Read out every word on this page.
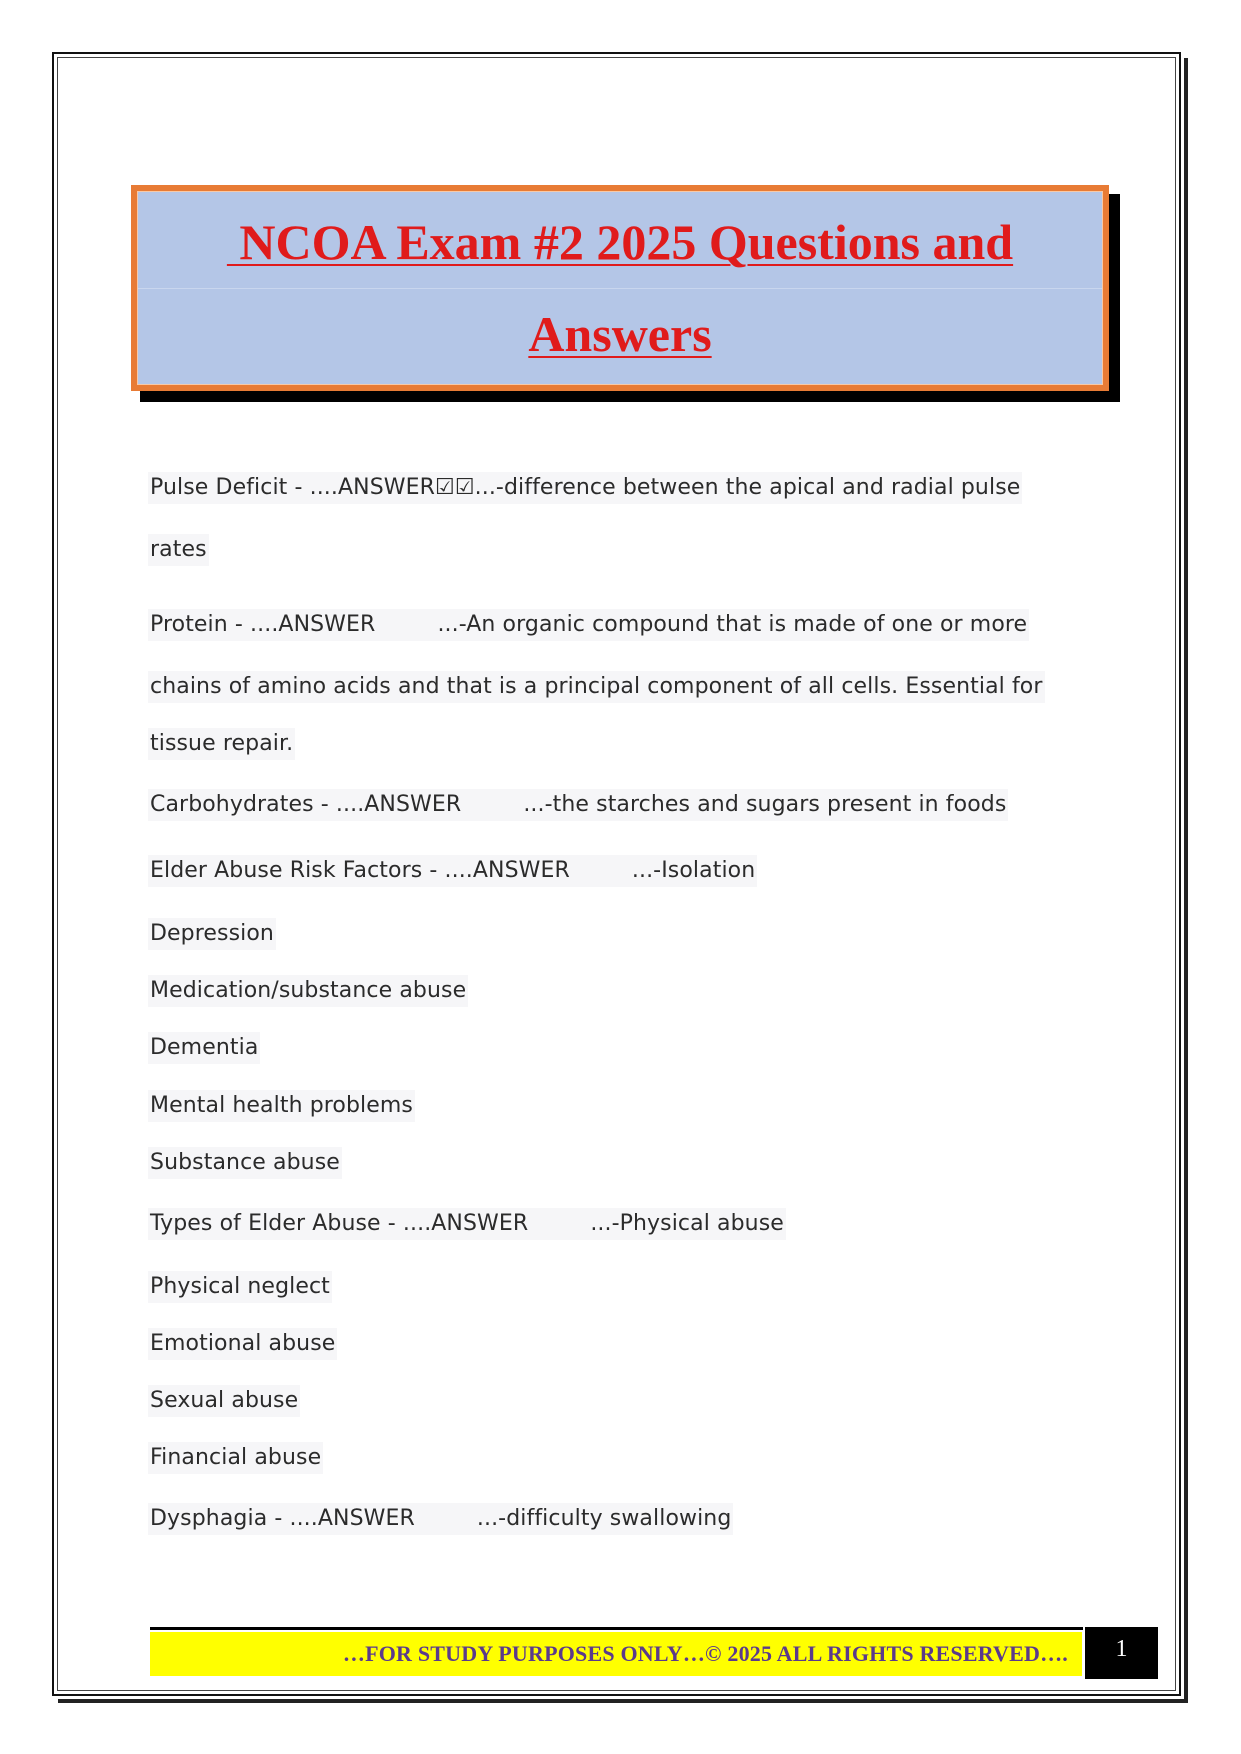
NCOA Exam #2 2025 Questions and
Answers

Pulse Deficit - ....ANSWER☑☑...-difference between the apical and radial pulse

rates

Protein - ....ANSWER	...-An organic compound that is made of one or more

chains of amino acids and that is a principal component of all cells. Essential for

tissue repair.

Carbohydrates - ....ANSWER	...-the starches and sugars present in foods

Elder Abuse Risk Factors - ....ANSWER	...-Isolation

Depression

Medication/substance abuse

Dementia

Mental health problems

Substance abuse

Types of Elder Abuse - ....ANSWER	...-Physical abuse

Physical neglect

Emotional abuse

Sexual abuse

Financial abuse

Dysphagia - ....ANSWER	...-difficulty swallowing

…FOR STUDY PURPOSES ONLY…© 2025 ALL RIGHTS RESERVED….	1
